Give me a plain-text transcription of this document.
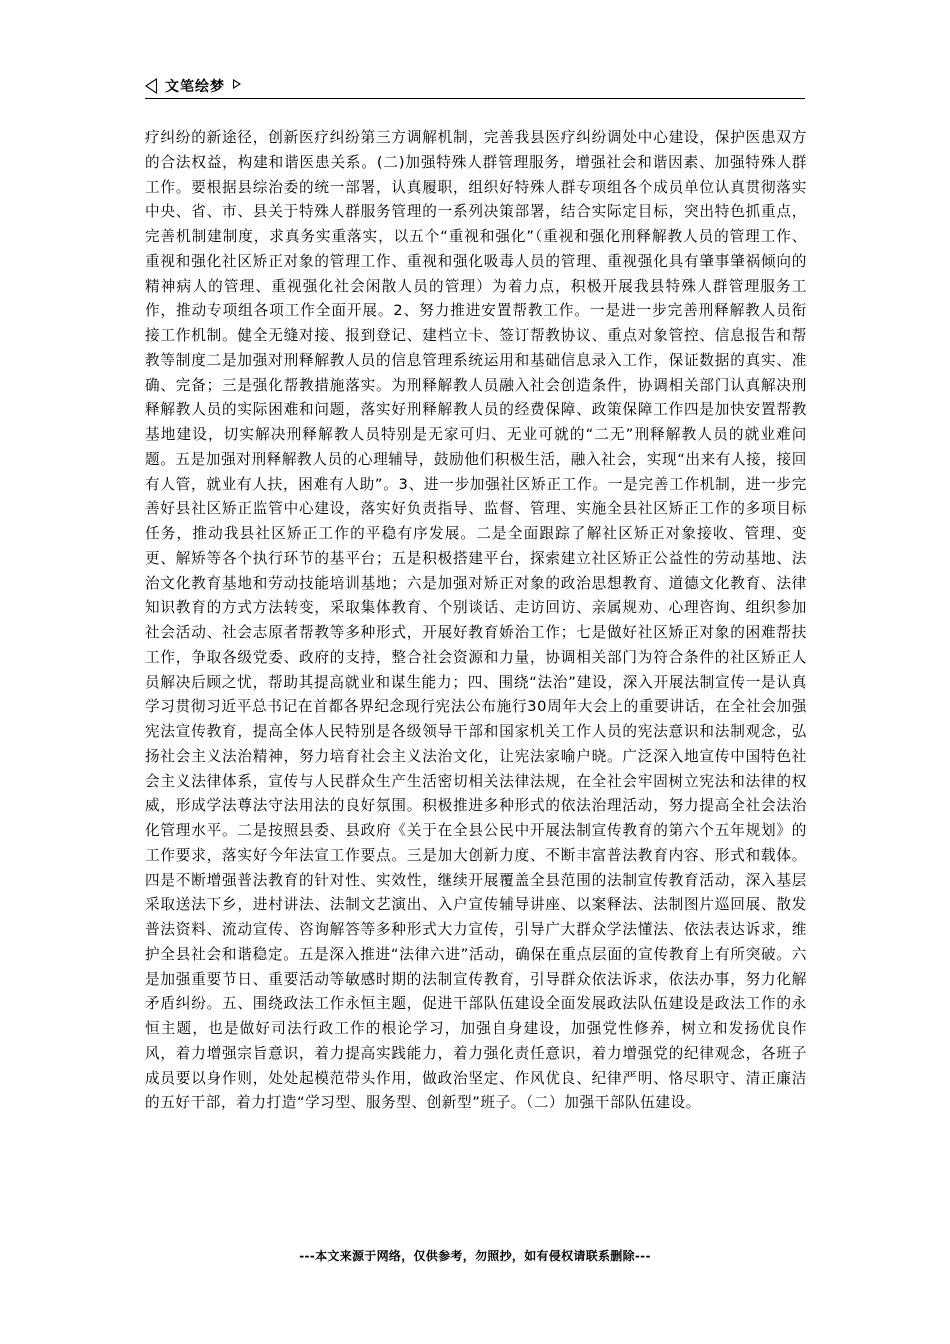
文笔绘梦

疗纠纷的新途径，创新医疗纠纷第三方调解机制，完善我县医疗纠纷调处中心建设，保护医患双方的合法权益，构建和谐医患关系。(二)加强特殊人群管理服务，增强社会和谐因素、加强特殊人群工作。要根据县综治委的统一部署，认真履职，组织好特殊人群专项组各个成员单位认真贯彻落实中央、省、市、县关于特殊人群服务管理的一系列决策部署，结合实际定目标，突出特色抓重点，完善机制建制度，求真务实重落实，以五个“重视和强化”（重视和强化刑释解教人员的管理工作、重视和强化社区矫正对象的管理工作、重视和强化吸毒人员的管理、重视强化具有肇事肇祸倾向的精神病人的管理、重视强化社会闲散人员的管理）为着力点，积极开展我县特殊人群管理服务工作，推动专项组各项工作全面开展。2、努力推进安置帮教工作。一是进一步完善刑释解教人员衔接工作机制。健全无缝对接、报到登记、建档立卡、签订帮教协议、重点对象管控、信息报告和帮教等制度二是加强对刑释解教人员的信息管理系统运用和基础信息录入工作，保证数据的真实、准确、完备；三是强化帮教措施落实。为刑释解教人员融入社会创造条件，协调相关部门认真解决刑释解教人员的实际困难和问题，落实好刑释解教人员的经费保障、政策保障工作四是加快安置帮教基地建设，切实解决刑释解教人员特别是无家可归、无业可就的“二无”刑释解教人员的就业难问题。五是加强对刑释解教人员的心理辅导，鼓励他们积极生活，融入社会，实现“出来有人接，接回有人管，就业有人扶，困难有人助”。3、进一步加强社区矫正工作。一是完善工作机制，进一步完善好县社区矫正监管中心建设，落实好负责指导、监督、管理、实施全县社区矫正工作的多项目标任务，推动我县社区矫正工作的平稳有序发展。二是全面跟踪了解社区矫正对象接收、管理、变更、解矫等各个执行环节的基平台；五是积极搭建平台，探索建立社区矫正公益性的劳动基地、法治文化教育基地和劳动技能培训基地；六是加强对矫正对象的政治思想教育、道德文化教育、法律知识教育的方式方法转变，采取集体教育、个别谈话、走访回访、亲属规劝、心理咨询、组织参加社会活动、社会志原者帮教等多种形式，开展好教育娇治工作；七是做好社区矫正对象的困难帮扶工作，争取各级党委、政府的支持，整合社会资源和力量，协调相关部门为符合条件的社区矫正人员解决后顾之忧，帮助其提高就业和谋生能力；四、围绕“法治”建设，深入开展法制宣传一是认真学习贯彻习近平总书记在首都各界纪念现行宪法公布施行30周年大会上的重要讲话，在全社会加强宪法宣传教育，提高全体人民特别是各级领导干部和国家机关工作人员的宪法意识和法制观念，弘扬社会主义法治精神，努力培育社会主义法治文化，让宪法家喻户晓。广泛深入地宣传中国特色社会主义法律体系，宣传与人民群众生产生活密切相关法律法规，在全社会牢固树立宪法和法律的权威，形成学法尊法守法用法的良好氛围。积极推进多种形式的依法治理活动，努力提高全社会法治化管理水平。二是按照县委、县政府《关于在全县公民中开展法制宣传教育的第六个五年规划》的工作要求，落实好今年法宣工作要点。三是加大创新力度、不断丰富普法教育内容、形式和载体。四是不断增强普法教育的针对性、实效性，继续开展覆盖全县范围的法制宣传教育活动，深入基层采取送法下乡，进村讲法、法制文艺演出、入户宣传辅导讲座、以案释法、法制图片巡回展、散发普法资料、流动宣传、咨询解答等多种形式大力宣传，引导广大群众学法懂法、依法表达诉求，维护全县社会和谐稳定。五是深入推进“法律六进”活动，确保在重点层面的宣传教育上有所突破。六是加强重要节日、重要活动等敏感时期的法制宣传教育，引导群众依法诉求，依法办事，努力化解矛盾纠纷。五、围绕政法工作永恒主题，促进干部队伍建设全面发展政法队伍建设是政法工作的永恒主题，也是做好司法行政工作的根论学习，加强自身建设，加强党性修养，树立和发扬优良作风，着力增强宗旨意识，着力提高实践能力，着力强化责任意识，着力增强党的纪律观念，各班子成员要以身作则，处处起模范带头作用，做政治坚定、作风优良、纪律严明、恪尽职守、清正廉洁的五好干部，着力打造“学习型、服务型、创新型”班子。（二）加强干部队伍建设。

---本文来源于网络，仅供参考，勿照抄，如有侵权请联系删除---
